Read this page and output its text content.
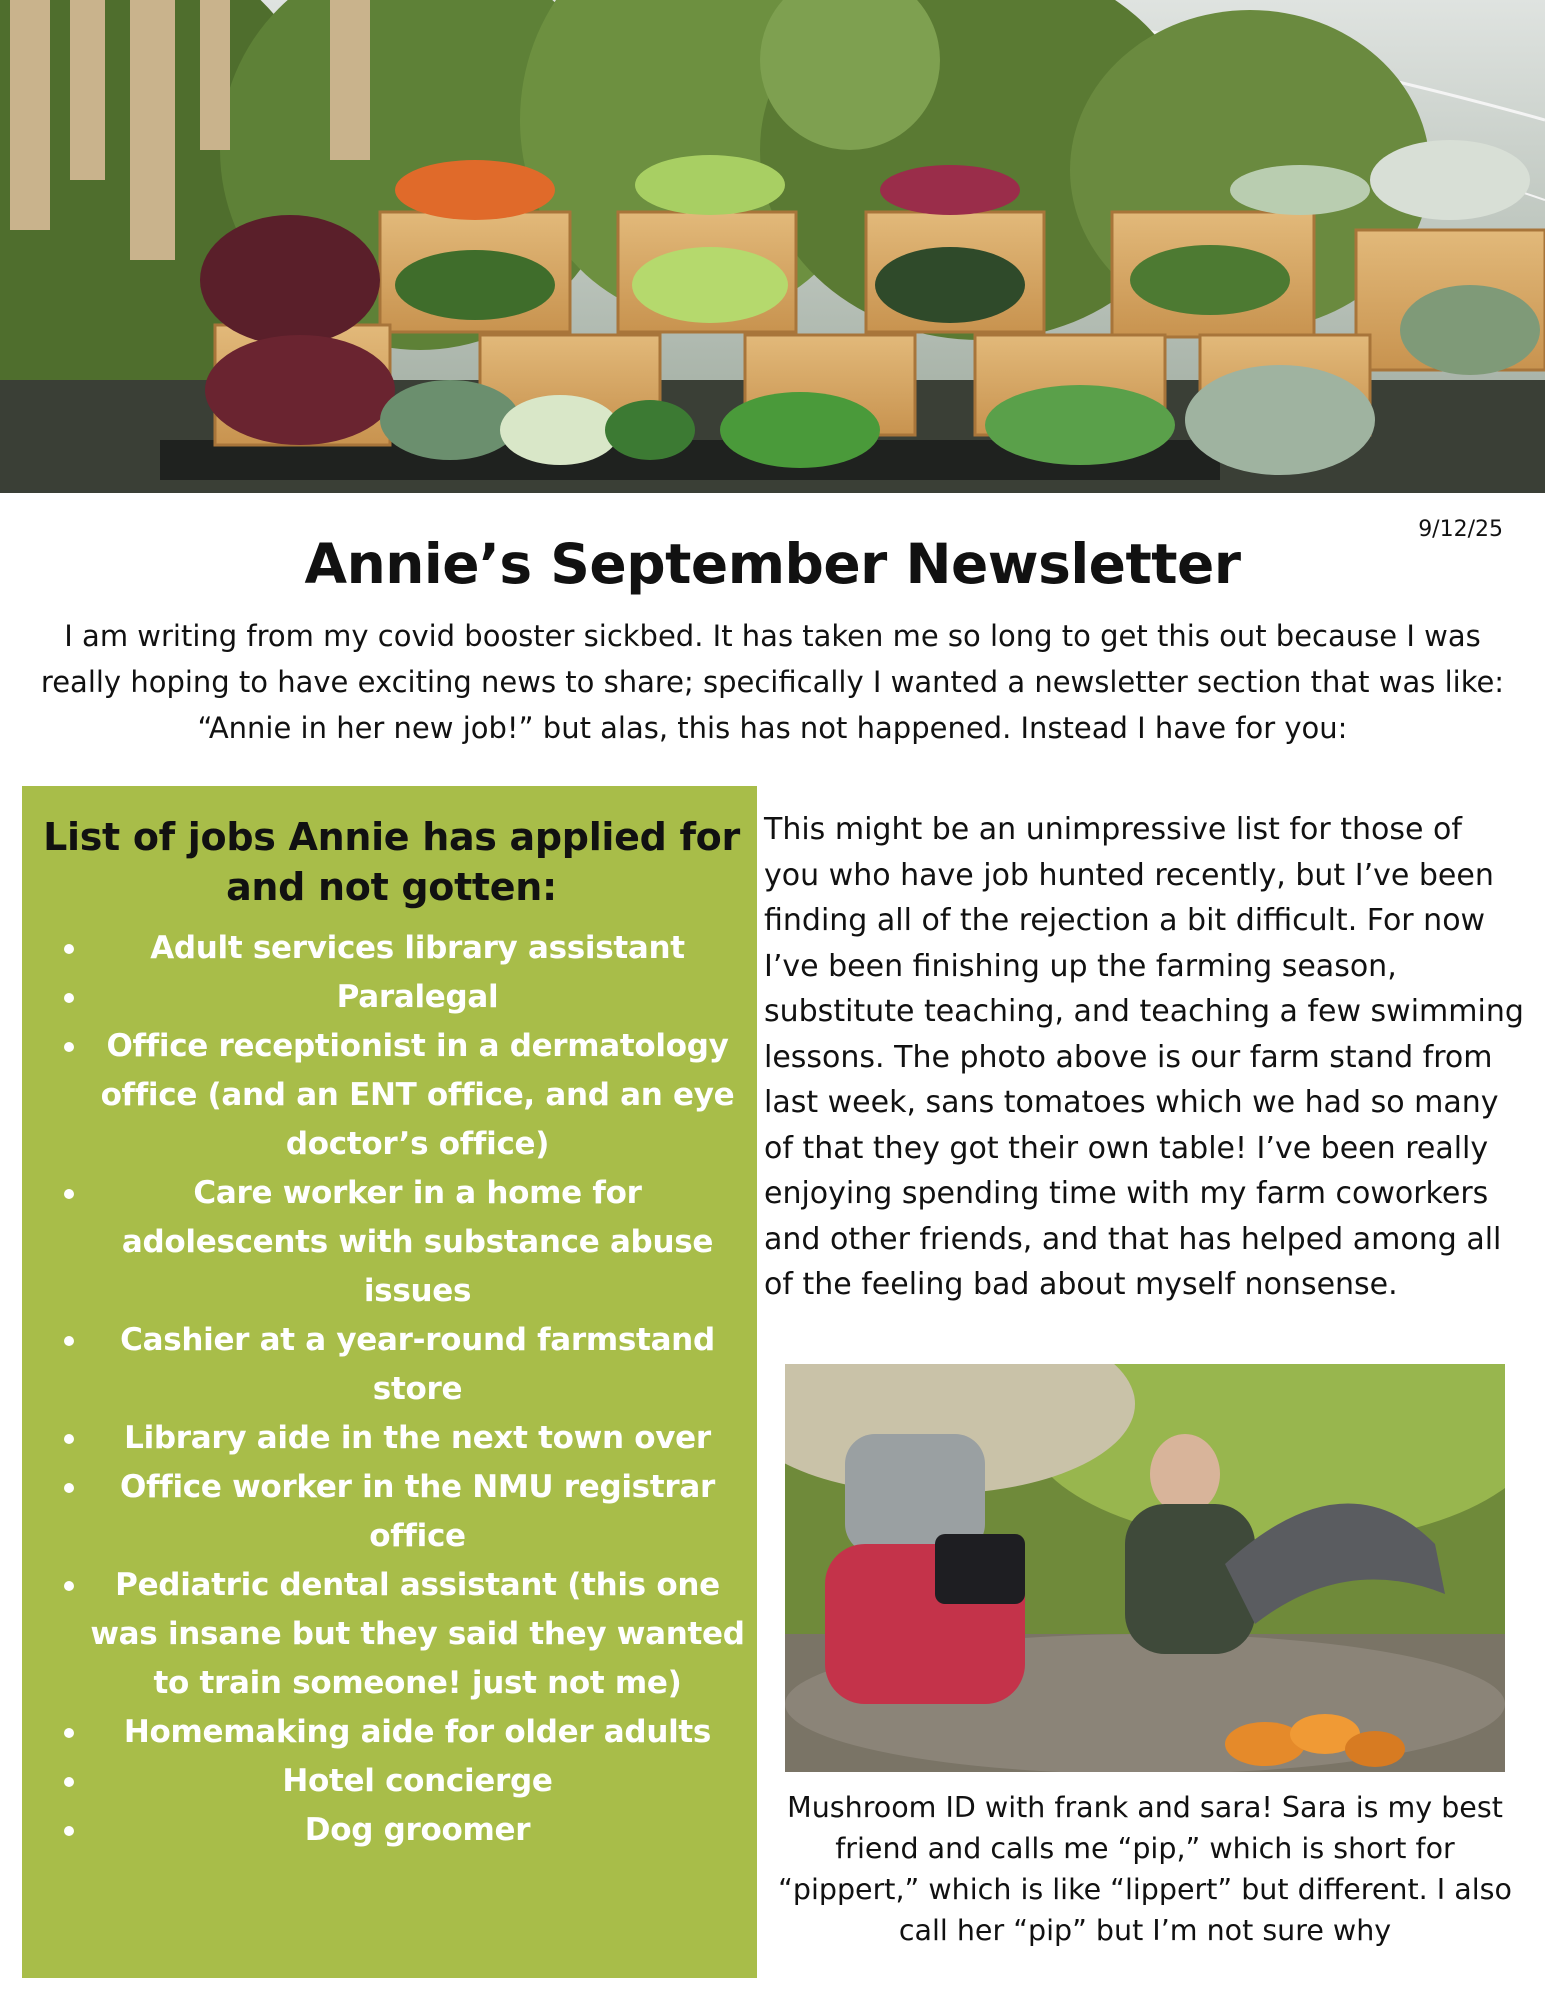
9/12/25
Annie’s September Newsletter

I am writing from my covid booster sickbed. It has taken me so long to get this out because I was really hoping to have exciting news to share; specifically I wanted a newsletter section that was like: “Annie in her new job!” but alas, this has not happened. Instead I have for you:

List of jobs Annie has applied for and not gotten:
Adult services library assistant
Paralegal
Office receptionist in a dermatology office (and an ENT office, and an eye doctor’s office)
Care worker in a home for adolescents with substance abuse issues
Cashier at a year-round farmstand store
Library aide in the next town over
Office worker in the NMU registrar office
Pediatric dental assistant (this one was insane but they said they wanted to train someone! just not me)
Homemaking aide for older adults
Hotel concierge
Dog groomer

This might be an unimpressive list for those of you who have job hunted recently, but I’ve been finding all of the rejection a bit difficult. For now I’ve been finishing up the farming season, substitute teaching, and teaching a few swimming lessons. The photo above is our farm stand from last week, sans tomatoes which we had so many of that they got their own table! I’ve been really enjoying spending time with my farm coworkers and other friends, and that has helped among all of the feeling bad about myself nonsense.

Mushroom ID with frank and sara! Sara is my best friend and calls me “pip,” which is short for “pippert,” which is like “lippert” but different. I also call her “pip” but I’m not sure why
